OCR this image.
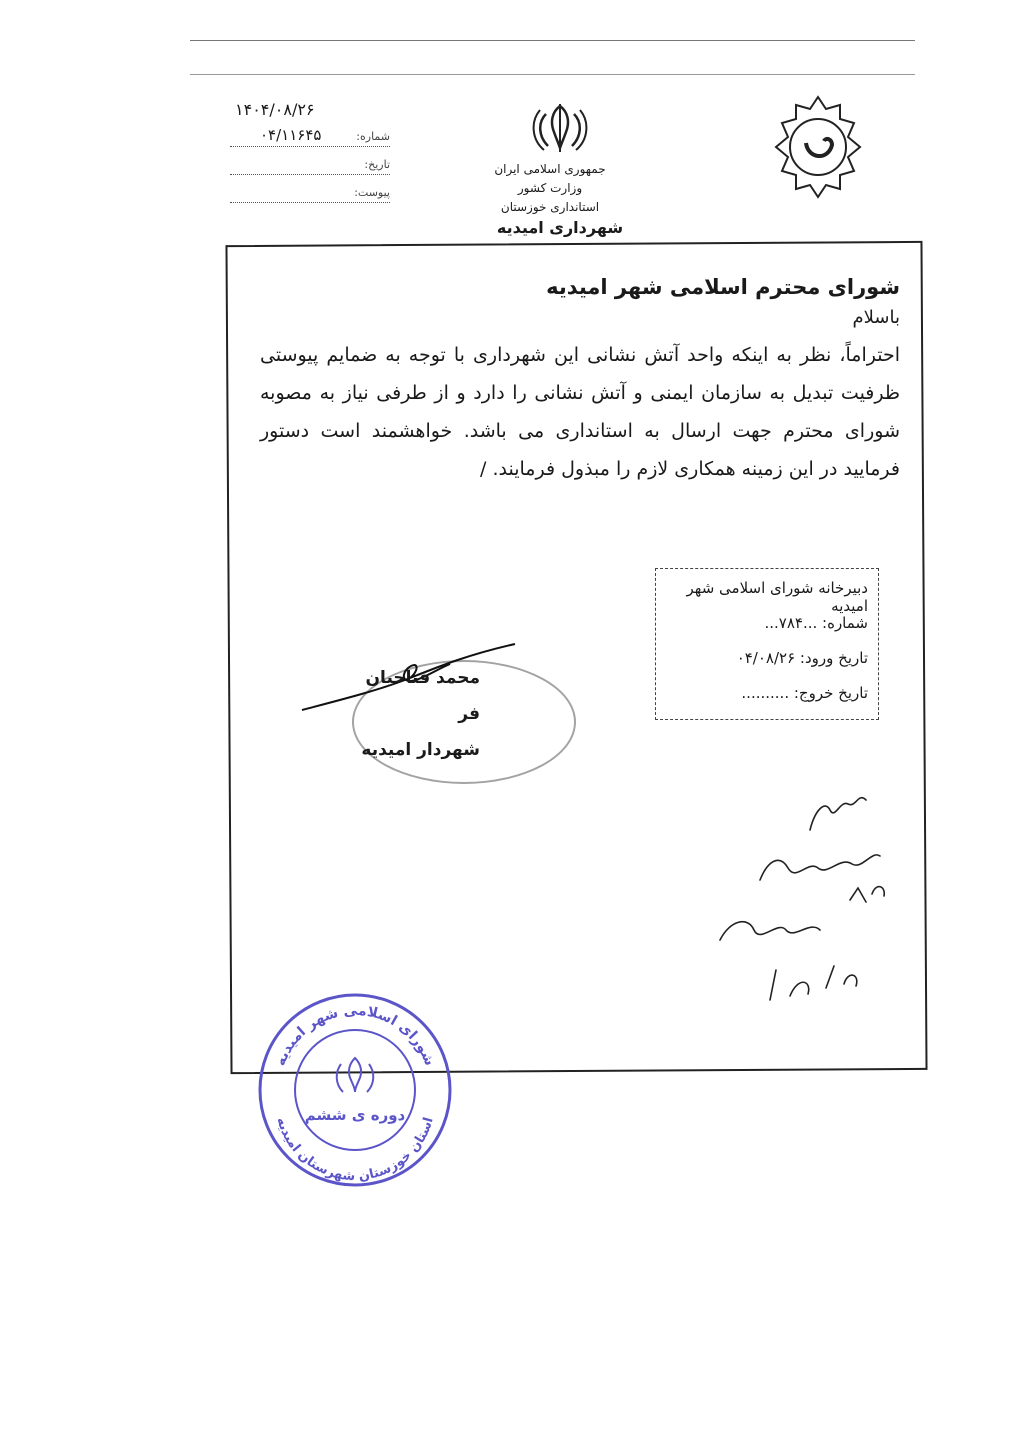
۱۴۰۴/۰۸/۲۶
شماره:
۰۴/۱۱۶۴۵
تاریخ:
پیوست:
جمهوری اسلامی ایران
وزارت کشور
استانداری خوزستان
شهرداری امیدیه
شورای محترم اسلامی شهر امیدیه
باسلام
احتراماً، نظر به اینکه واحد آتش نشانی این شهرداری با توجه به ضمایم پیوستی ظرفیت تبدیل به سازمان ایمنی و آتش نشانی را دارد و از طرفی نیاز به مصوبه شورای محترم جهت ارسال به استانداری می باشد. خواهشمند است دستور فرمایید در این زمینه همکاری لازم را مبذول فرمایند. /
دبیرخانه شورای اسلامی شهر امیدیه
شماره: ...۷۸۴...
تاریخ ورود: ۰۴/۰۸/۲۶
تاریخ خروج: ..........
محمد فتاحیان فر
شهردار امیدیه
شورای اسلامی شهر امیدیه
استان خوزستان شهرستان امیدیه
دوره ی ششم
